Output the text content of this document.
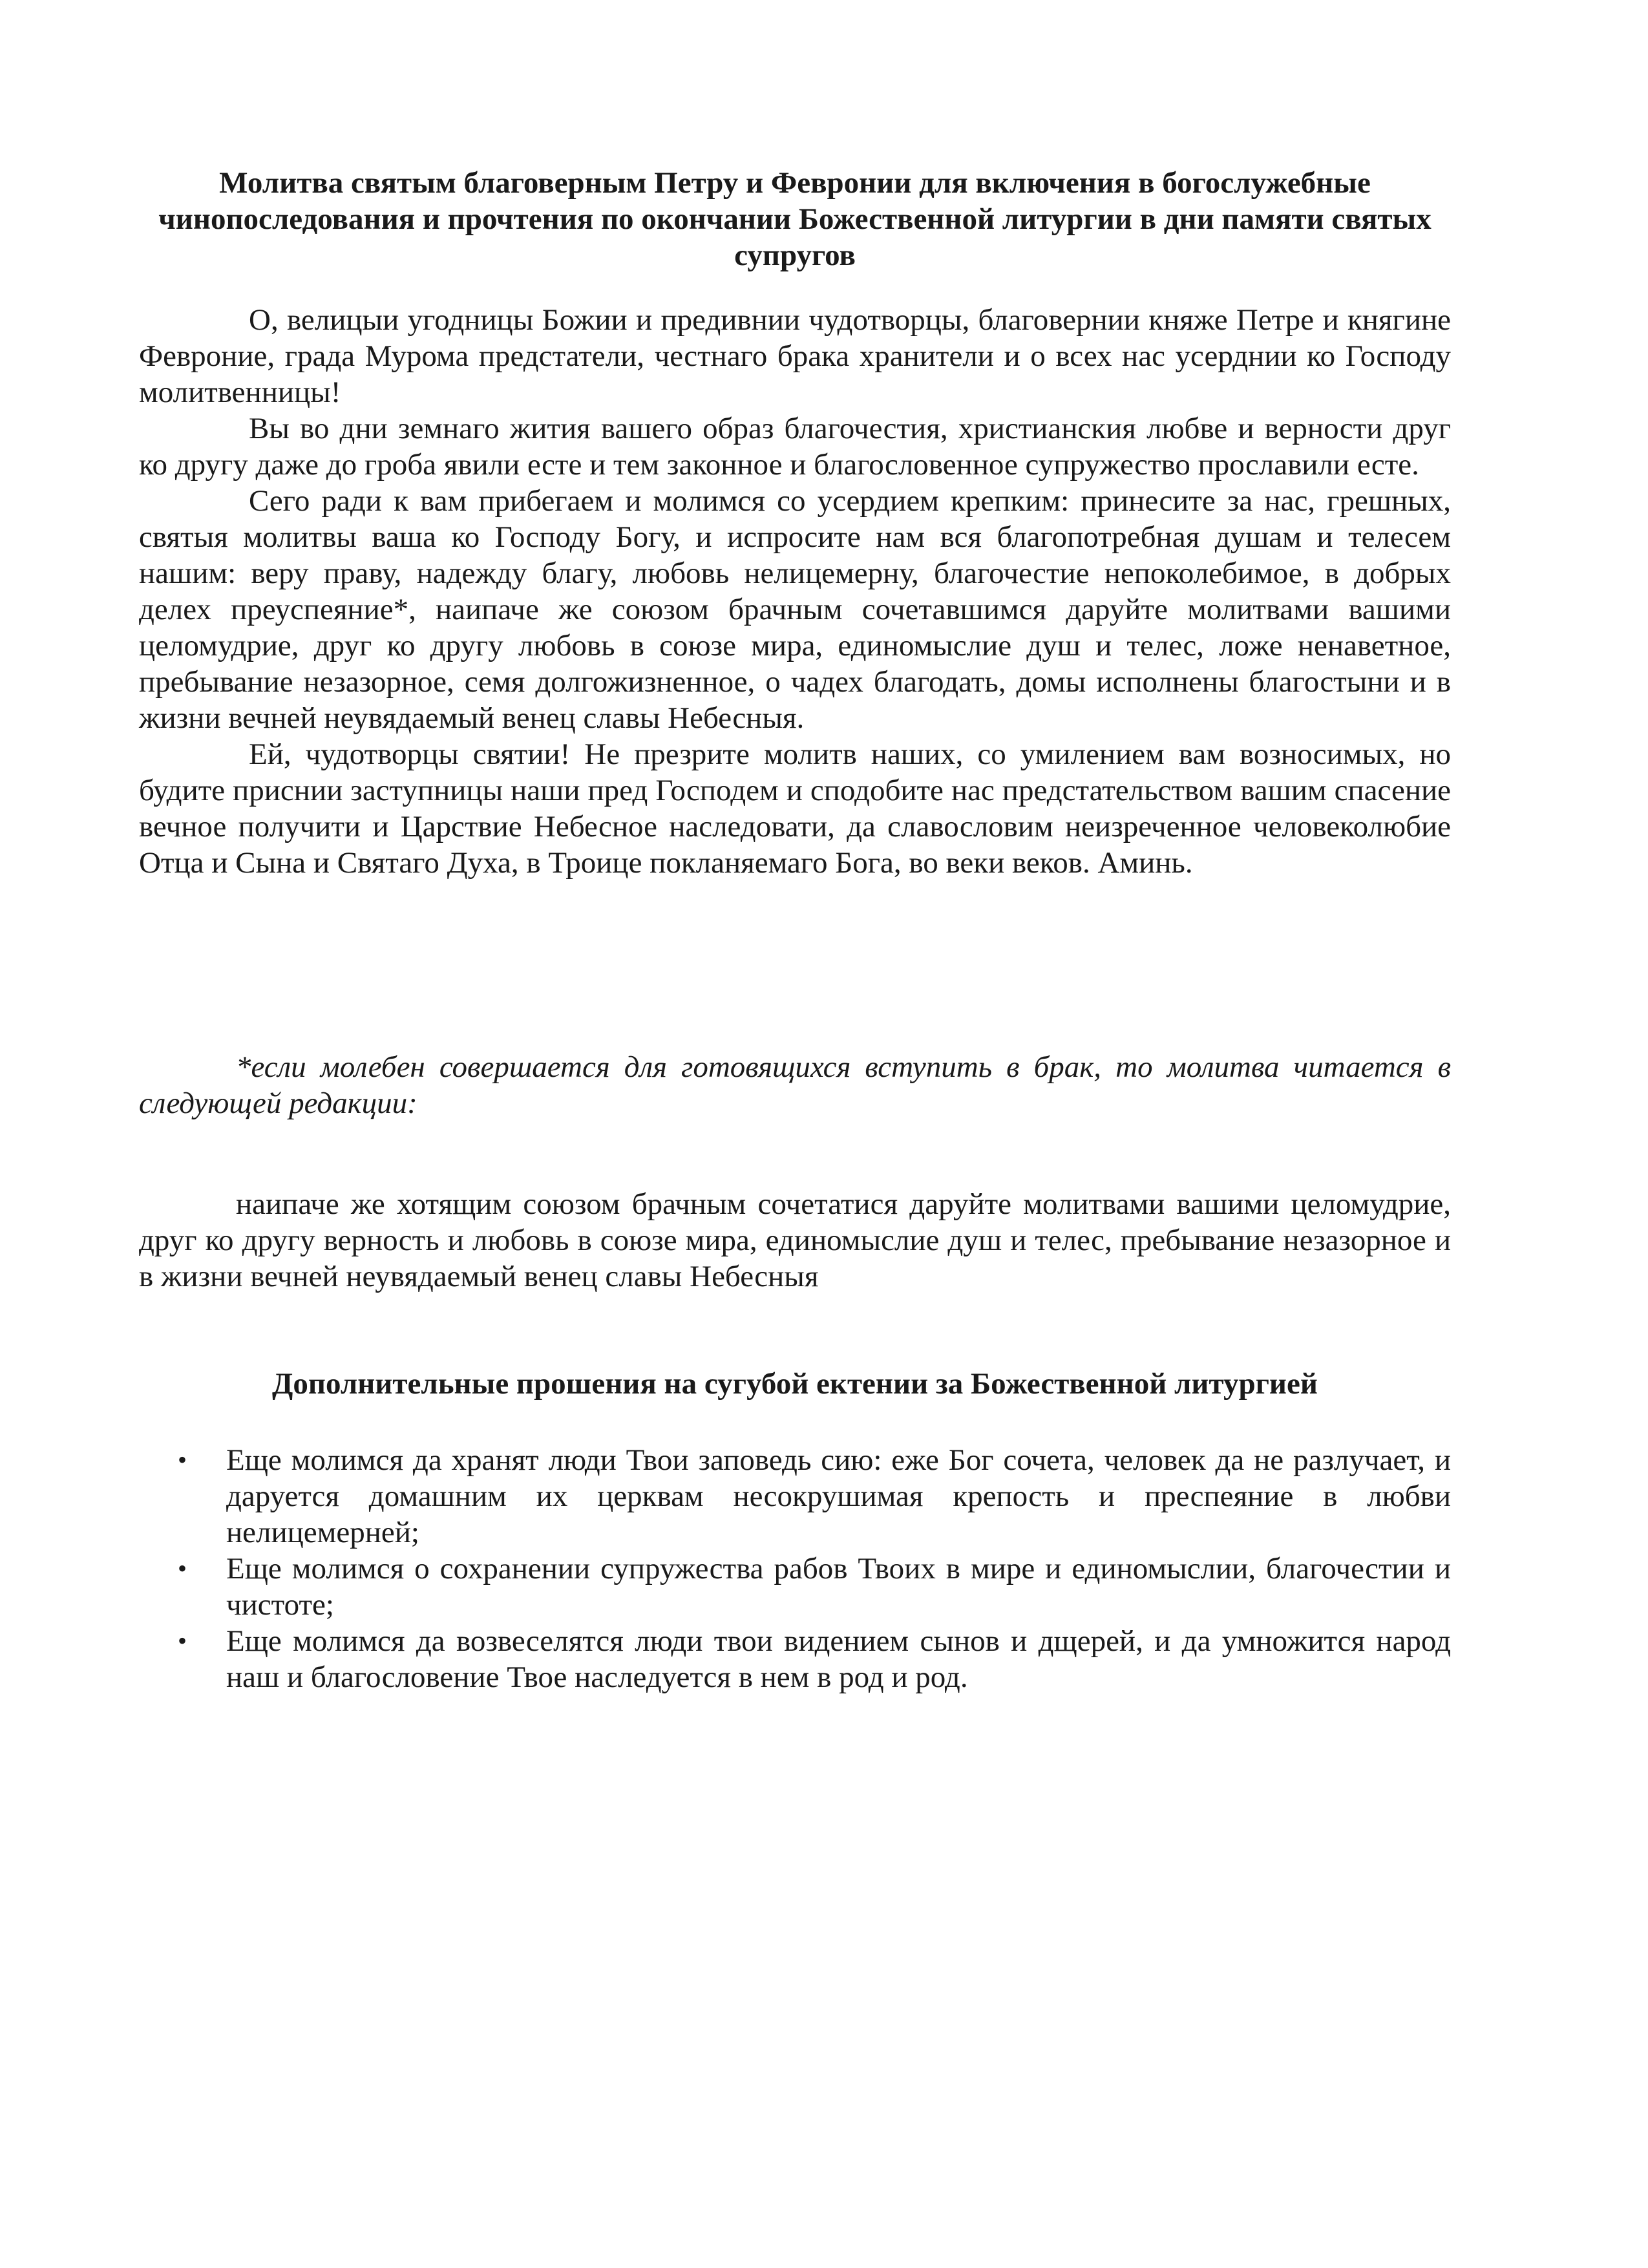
Молитва святым благоверным Петру и Февронии для включения в богослужебные чинопоследования и прочтения по окончании Божественной литургии в дни памяти святых супругов

О, велицыи угодницы Божии и предивнии чудотворцы, благовернии княже Петре и княгине Февроние, града Мурома предстатели, честнаго брака хранители и о всех нас усерднии ко Господу молитвенницы!

Вы во дни земнаго жития вашего образ благочестия, христианския любве и верности друг ко другу даже до гроба явили есте и тем законное и благословенное супружество прославили есте.

Сего ради к вам прибегаем и молимся со усердием крепким: принесите за нас, грешных, святыя молитвы ваша ко Господу Богу, и испросите нам вся благопотребная душам и телесем нашим: веру праву, надежду благу, любовь нелицемерну, благочестие непоколебимое, в добрых делех преуспеяние*, наипаче же союзом брачным сочетавшимся даруйте молитвами вашими целомудрие, друг ко другу любовь в союзе мира, единомыслие душ и телес, ложе ненаветное, пребывание незазорное, семя долгожизненное, о чадех благодать, домы исполнены благостыни и в жизни вечней неувядаемый венец славы Небесныя.

Ей, чудотворцы святии! Не презрите молитв наших, со умилением вам возносимых, но будите приснии заступницы наши пред Господем и сподобите нас предстательством вашим спасение вечное получити и Царствие Небесное наследовати, да славословим неизреченное человеколюбие Отца и Сына и Святаго Духа, в Троице покланяемаго Бога, во веки веков. Аминь.

*если молебен совершается для готовящихся вступить в брак, то молитва читается в следующей редакции:

наипаче же хотящим союзом брачным сочетатися даруйте молитвами вашими целомудрие, друг ко другу верность и любовь в союзе мира, единомыслие душ и телес, пребывание незазорное и в жизни вечней неувядаемый венец славы Небесныя

Дополнительные прошения на сугубой ектении за Божественной литургией
• Еще молимся да хранят люди Твои заповедь сию: еже Бог сочета, человек да не разлучает, и даруется домашним их церквам несокрушимая крепость и преспеяние в любви нелицемерней;
• Еще молимся о сохранении супружества рабов Твоих в мире и единомыслии, благочестии и чистоте;
• Еще молимся да возвеселятся люди твои видением сынов и дщерей, и да умножится народ наш и благословение Твое наследуется в нем в род и род.
